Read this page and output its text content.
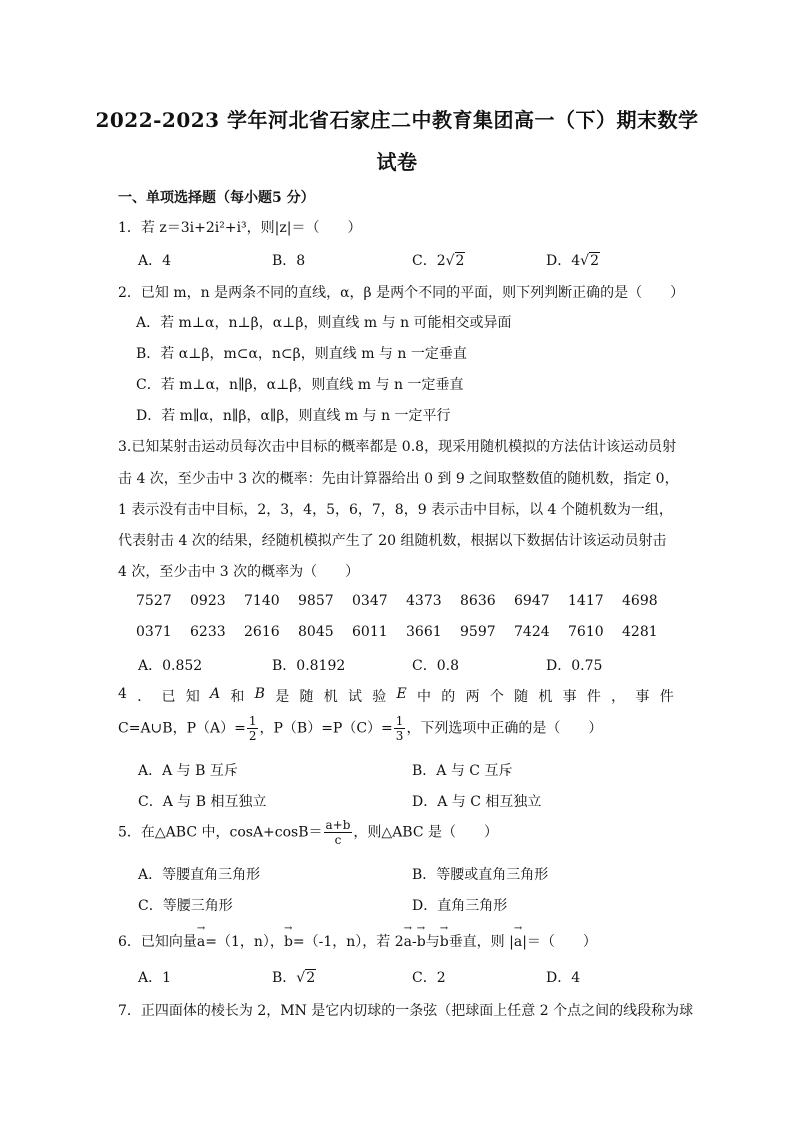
2022-2023 学年河北省石家庄二中教育集团高一（下）期末数学
试卷
一、单项选择题（每小题5 分）
1．若 z＝3i+2i²+i³，则|z|＝（　　）
A．4	B．8	C．2√2	D．4√2
2．已知 m，n 是两条不同的直线，α，β 是两个不同的平面，则下列判断正确的是（　　）
A．若 m⊥α，n⊥β，α⊥β，则直线 m 与 n 可能相交或异面
B．若 α⊥β，m⊂α，n⊂β，则直线 m 与 n 一定垂直
C．若 m⊥α，n∥β，α⊥β，则直线 m 与 n 一定垂直
D．若 m∥α，n∥β，α∥β，则直线 m 与 n 一定平行
3.已知某射击运动员每次击中目标的概率都是 0.8，现采用随机模拟的方法估计该运动员射
击 4 次，至少击中 3 次的概率：先由计算器给出 0 到 9 之间取整数值的随机数，指定 0，
1 表示没有击中目标，2，3，4，5，6，7，8，9 表示击中目标，以 4 个随机数为一组，
代表射击 4 次的结果，经随机模拟产生了 20 组随机数，根据以下数据估计该运动员射击
4 次，至少击中 3 次的概率为（　　）
7527 0923 7140 9857 0347 4373 8636 6947 1417 4698
0371 6233 2616 8045 6011 3661 9597 7424 7610 4281
A．0.852	B．0.8192	C．0.8	D．0.75
4 ． 已 知 A 和 B 是 随 机 试 验 E 中 的 两 个 随 机 事 件 ， 事 件
C=A∪B，$P(A)= \frac{1}{2}$ ，$P(B)=P(C)= \frac{1}{3}$ ，下列选项中正确的是（　　）
A．A 与 B 互斥	B．A 与 C 互斥
C．A 与 B 相互独立	D．A 与 C 相互独立
5．在△ABC 中，$\cos A+\cos B= \frac{a+b}{c}$ ，则△ABC 是（　　）
A．等腰直角三角形	B．等腰或直角三角形
C．等腰三角形	D．直角三角形
6．已知向量→ a=（1，n），→ b=（-1，n），若 2→ a-→ b与→ b垂直，则 |→ a|＝（　　）
A．1	B．√2	C．2	D．4
7．正四面体的棱长为 2，MN 是它内切球的一条弦（把球面上任意 2 个点之间的线段称为球
